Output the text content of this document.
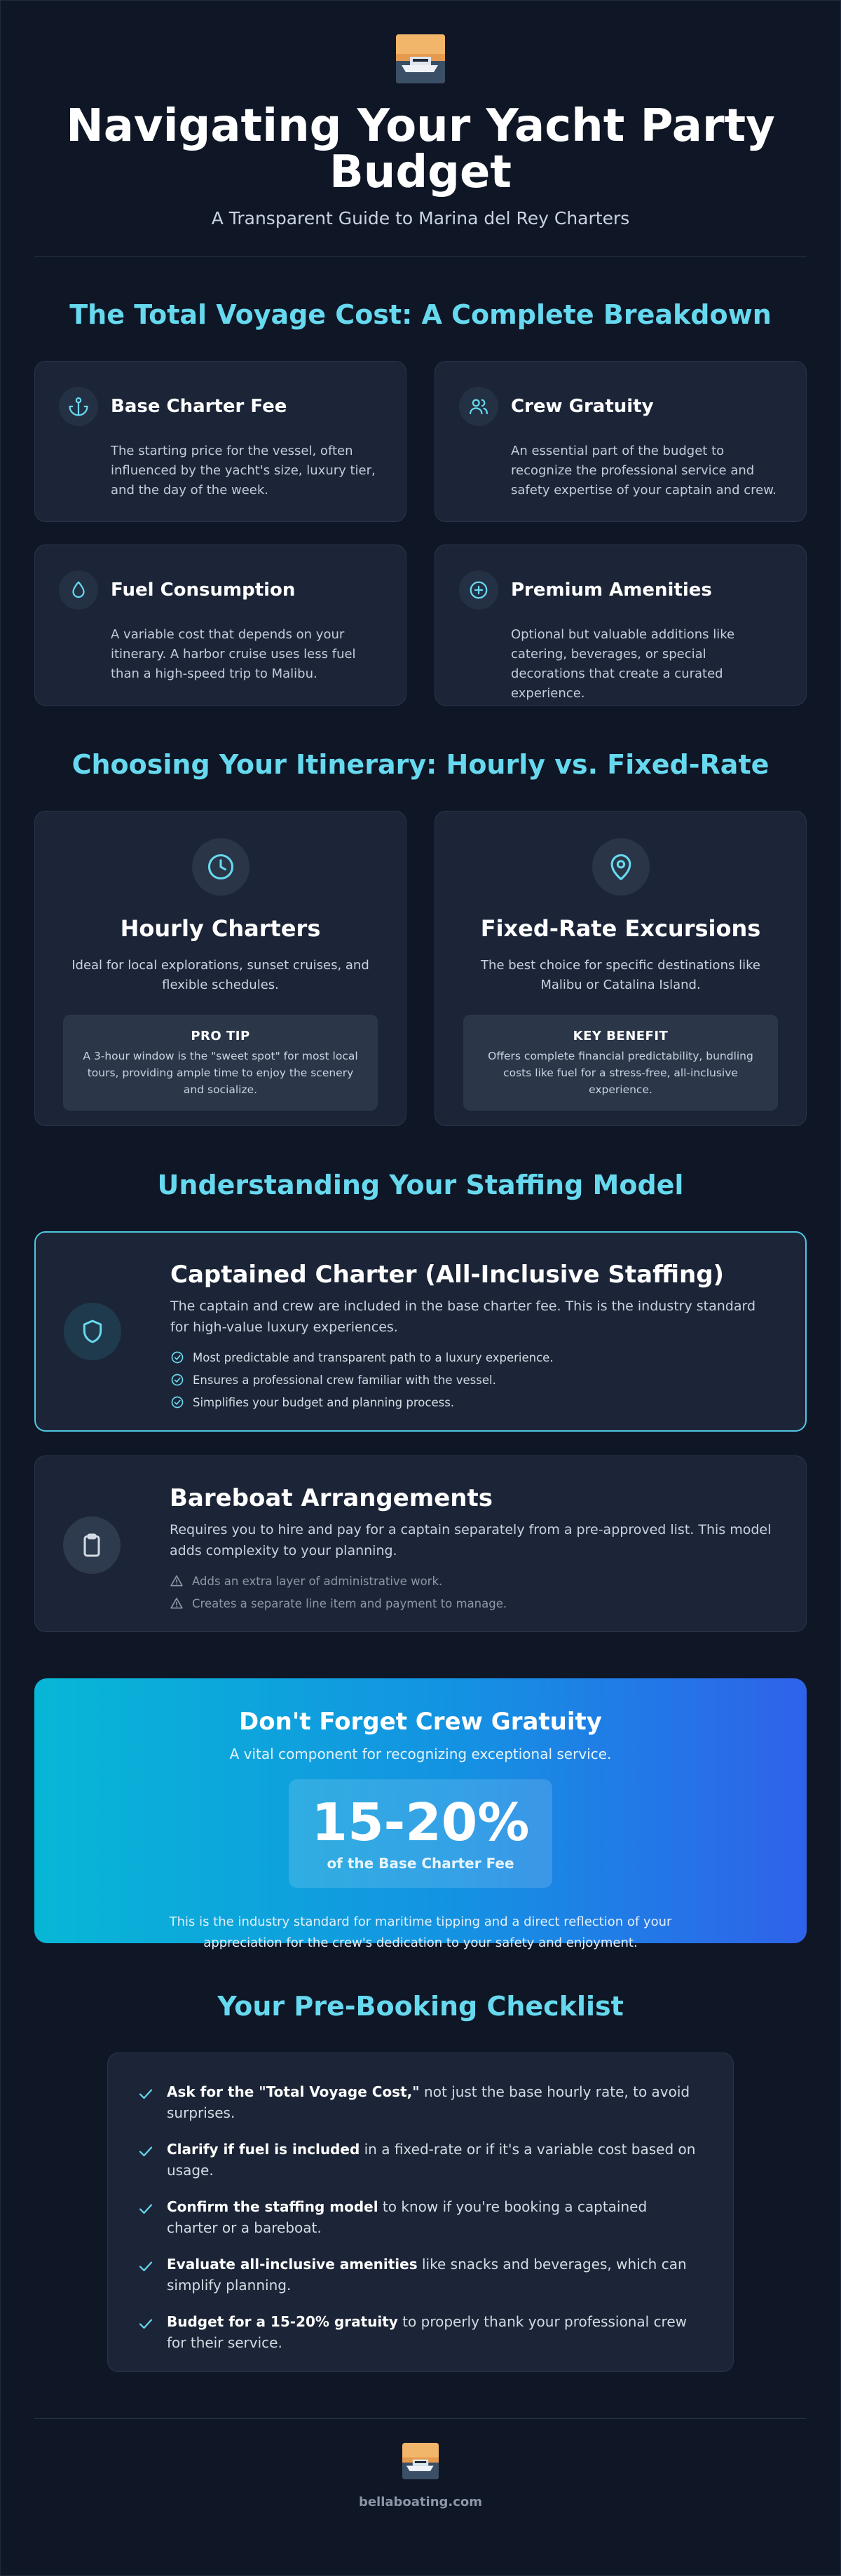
Navigating Your Yacht Party Budget
A Transparent Guide to Marina del Rey Charters
The Total Voyage Cost: A Complete Breakdown
Base Charter Fee
The starting price for the vessel, often influenced by the yacht's size, luxury tier, and the day of the week.
Crew Gratuity
An essential part of the budget to recognize the professional service and safety expertise of your captain and crew.
Fuel Consumption
A variable cost that depends on your itinerary. A harbor cruise uses less fuel than a high-speed trip to Malibu.
Premium Amenities
Optional but valuable additions like catering, beverages, or special decorations that create a curated experience.
Choosing Your Itinerary: Hourly vs. Fixed-Rate
Hourly Charters
Ideal for local explorations, sunset cruises, and flexible schedules.
PRO TIP
A 3-hour window is the "sweet spot" for most local tours, providing ample time to enjoy the scenery and socialize.
Fixed-Rate Excursions
The best choice for specific destinations like Malibu or Catalina Island.
KEY BENEFIT
Offers complete financial predictability, bundling costs like fuel for a stress-free, all-inclusive experience.
Understanding Your Staffing Model
Captained Charter (All-Inclusive Staffing)
The captain and crew are included in the base charter fee. This is the industry standard for high-value luxury experiences.
Most predictable and transparent path to a luxury experience.
Ensures a professional crew familiar with the vessel.
Simplifies your budget and planning process.
Bareboat Arrangements
Requires you to hire and pay for a captain separately from a pre-approved list. This model adds complexity to your planning.
Adds an extra layer of administrative work.
Creates a separate line item and payment to manage.
Don't Forget Crew Gratuity
A vital component for recognizing exceptional service.
15-20%
of the Base Charter Fee
This is the industry standard for maritime tipping and a direct reflection of your appreciation for the crew's dedication to your safety and enjoyment.
Your Pre-Booking Checklist
Ask for the "Total Voyage Cost," not just the base hourly rate, to avoid surprises.
Clarify if fuel is included in a fixed-rate or if it's a variable cost based on usage.
Confirm the staffing model to know if you're booking a captained charter or a bareboat.
Evaluate all-inclusive amenities like snacks and beverages, which can simplify planning.
Budget for a 15-20% gratuity to properly thank your professional crew for their service.
bellaboating.com
